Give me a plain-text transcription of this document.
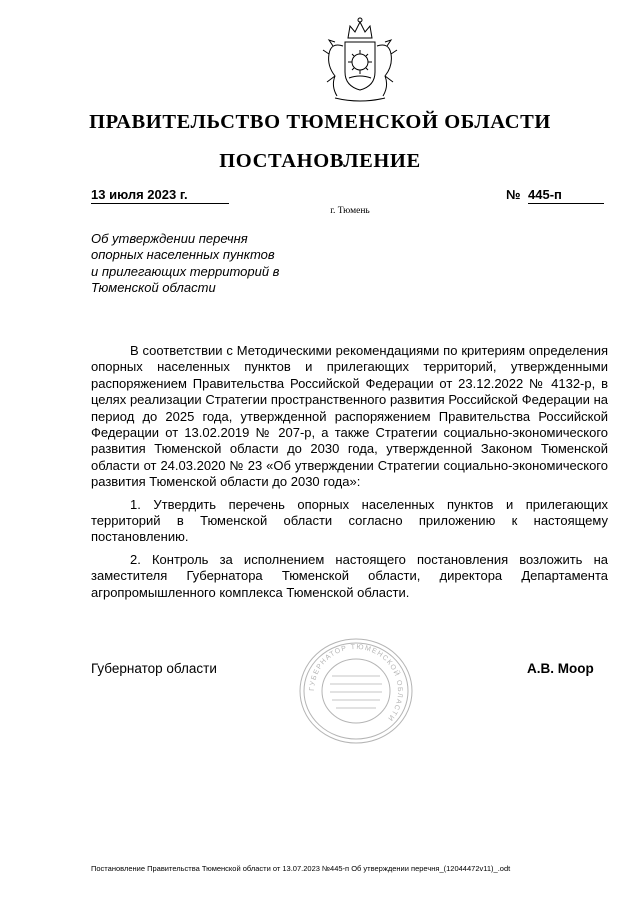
ПРАВИТЕЛЬСТВО ТЮМЕНСКОЙ ОБЛАСТИ
ПОСТАНОВЛЕНИЕ
13 июля 2023 г.	№ 445-п
г. Тюмень
Об утверждении перечня
опорных населенных пунктов
и прилегающих территорий в
Тюменской области

В соответствии с Методическими рекомендациями по критериям определения опорных населенных пунктов и прилегающих территорий, утвержденными распоряжением Правительства Российской Федерации от 23.12.2022 № 4132-р, в целях реализации Стратегии пространственного развития Российской Федерации на период до 2025 года, утвержденной распоряжением Правительства Российской Федерации от 13.02.2019 № 207-р, а также Стратегии социально-экономического развития Тюменской области до 2030 года, утвержденной Законом Тюменской области от 24.03.2020 № 23 «Об утверждении Стратегии социально-экономического развития Тюменской области до 2030 года»:

1. Утвердить перечень опорных населенных пунктов и прилегающих территорий в Тюменской области согласно приложению к настоящему постановлению.

2. Контроль за исполнением настоящего постановления возложить на заместителя Губернатора Тюменской области, директора Департамента агропромышленного комплекса Тюменской области.

ГУБЕРНАТОР ТЮМЕНСКОЙ ОБЛАСТИ
Губернатор области	А.В. Моор
Постановление Правительства Тюменской области от 13.07.2023 №445-п Об утверждении перечня_(12044472v11)_.odt
